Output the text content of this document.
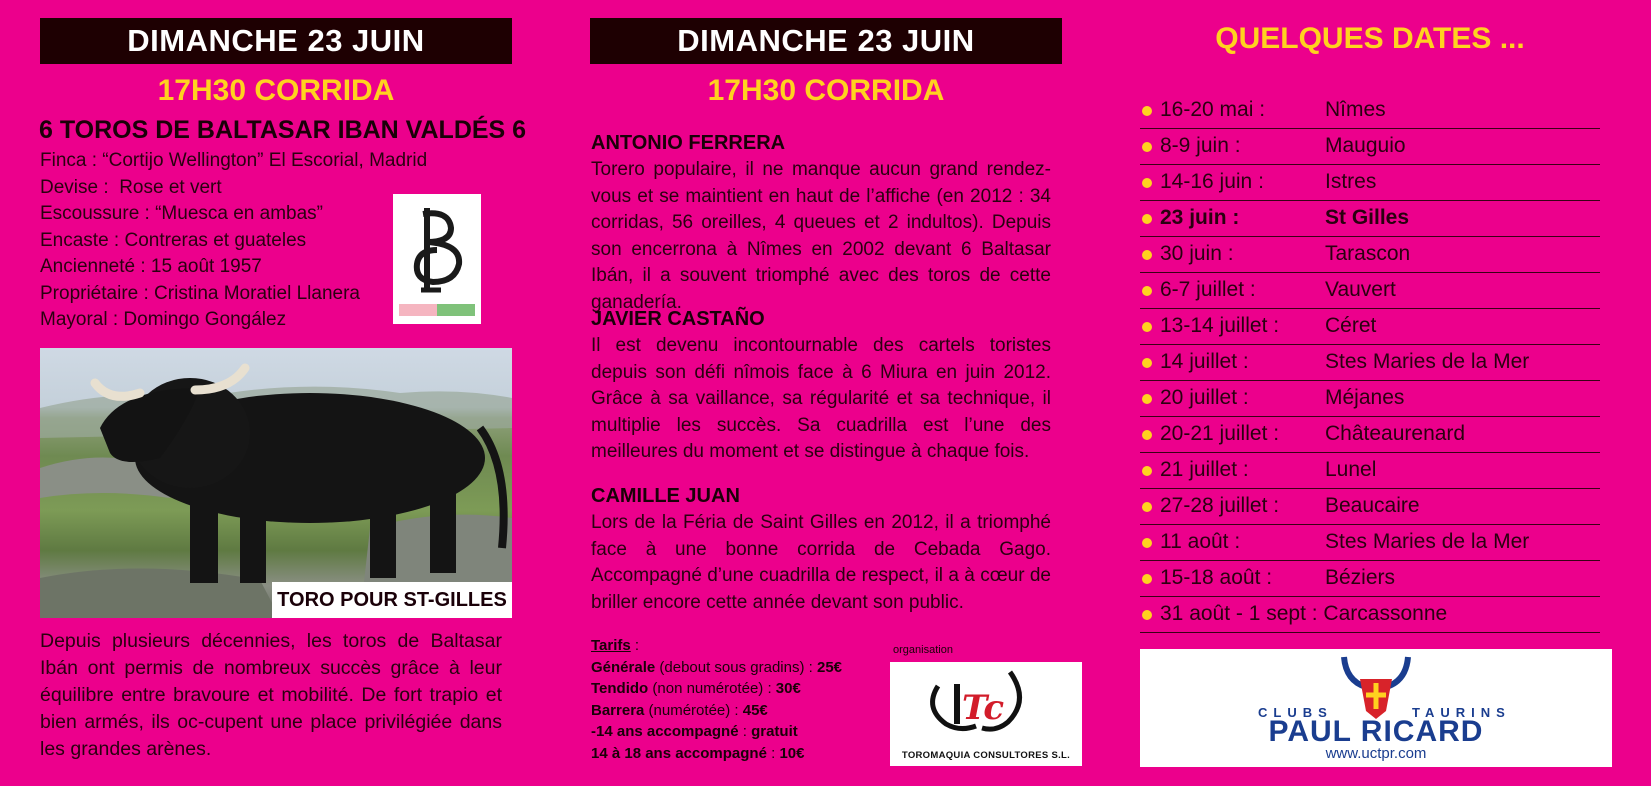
DIMANCHE 23 JUIN
17H30 CORRIDA
6 TOROS DE BALTASAR IBAN VALDÉS 6
Finca : “Cortijo Wellington” El Escorial, Madrid
Devise :  Rose et vert
Escoussure : “Muesca en ambas”
Encaste : Contreras et guateles
Ancienneté : 15 août 1957
Propriétaire : Cristina Moratiel Llanera
Mayoral : Domingo Gongález
TORO POUR ST-GILLES
Depuis plusieurs décennies, les toros de Baltasar Ibán ont permis de nombreux succès grâce à leur équilibre entre bravoure et mobilité. De fort trapio et bien armés, ils oc-cupent une place privilégiée dans les grandes arènes.
DIMANCHE 23 JUIN
17H30 CORRIDA
ANTONIO FERRERA
Torero populaire, il ne manque aucun grand rendez-vous et se maintient en haut de l’affiche (en 2012 : 34 corridas, 56 oreilles, 4 queues et 2 indultos). Depuis son encerrona à Nîmes en 2002 devant 6 Baltasar Ibán, il a souvent triomphé avec des toros de cette ganadería.
JAVIER CASTAÑO
Il est devenu incontournable des cartels toristes depuis son défi nîmois face à 6 Miura en juin 2012. Grâce à sa vaillance, sa régularité et sa technique, il multiplie les succès. Sa cuadrilla est l’une des meilleures du moment et se distingue à chaque fois.
CAMILLE JUAN
Lors de la Féria de Saint Gilles en 2012, il a triomphé face à une bonne corrida de Cebada Gago. Accompagné d’une cuadrilla de respect, il a à cœur de briller encore cette année devant son public.
Tarifs :
Générale (debout sous gradins) : 25€
Tendido (non numérotée) : 30€
Barrera (numérotée) : 45€
-14 ans accompagné : gratuit
14 à 18 ans accompagné : 10€
organisation
Tc
TOROMAQUIA CONSULTORES S.L.
QUELQUES DATES ...
16-20 mai :	Nîmes
8-9 juin :	Mauguio
14-16 juin :	Istres
23 juin :	St Gilles
30 juin :	Tarascon
6-7 juillet :	Vauvert
13-14 juillet : Céret
14 juillet :	Stes Maries de la Mer
20 juillet :	Méjanes
20-21 juillet : Châteaurenard
21 juillet :	Lunel
27-28 juillet : Beaucaire
11 août :	Stes Maries de la Mer
15-18 août :	Béziers
31 août - 1 sept : Carcassonne
CLUBS	TAURINS
PAUL RICARD
www.uctpr.com
